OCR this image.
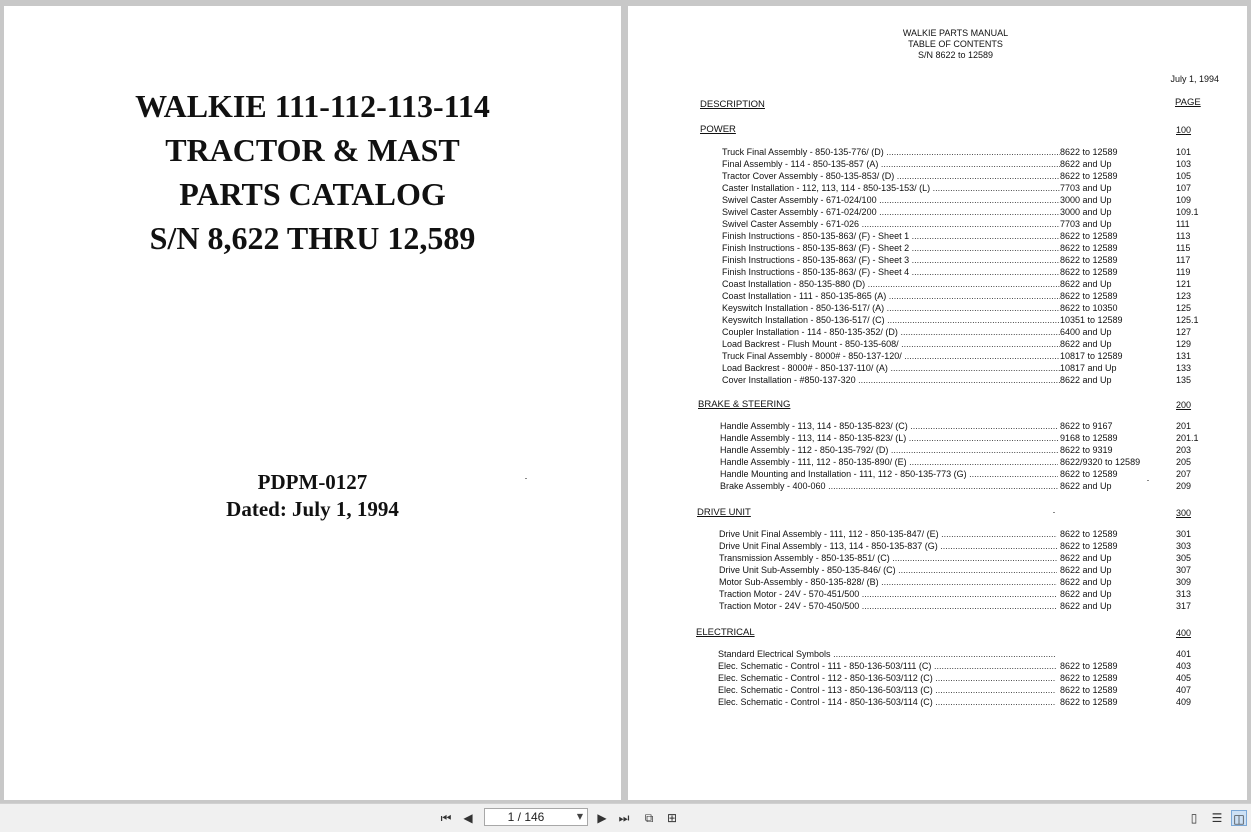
WALKIE 111-112-113-114
TRACTOR & MAST
PARTS CATALOG
S/N 8,622 THRU 12,589
PDPM-0127
Dated: July 1, 1994
WALKIE PARTS MANUAL
TABLE OF CONTENTS
S/N 8622 to 12589
July 1, 1994
DESCRIPTION	PAGE
POWER	100
Truck Final Assembly - 850-135-776/ (D) .....	8622 to 12589	101
Final Assembly - 114 - 850-135-857 (A) .....	8622 and Up	103
Tractor Cover Assembly - 850-135-853/ (D) .....	8622 to 12589	105
Caster Installation - 112, 113, 114 - 850-135-153/ (L) .....	7703 and Up	107
Swivel Caster Assembly - 671-024/100 .....	3000 and Up	109
Swivel Caster Assembly - 671-024/200 .....	3000 and Up	109.1
Swivel Caster Assembly - 671-026 .....	7703 and Up	111
Finish Instructions - 850-135-863/ (F) - Sheet 1 .....	8622 to 12589	113
Finish Instructions - 850-135-863/ (F) - Sheet 2 .....	8622 to 12589	115
Finish Instructions - 850-135-863/ (F) - Sheet 3 .....	8622 to 12589	117
Finish Instructions - 850-135-863/ (F) - Sheet 4 .....	8622 to 12589	119
Coast Installation - 850-135-880 (D) .....	8622 and Up	121
Coast Installation - 111 - 850-135-865 (A) .....	8622 to 12589	123
Keyswitch Installation - 850-136-517/ (A) .....	8622 to 10350	125
Keyswitch Installation - 850-136-517/ (C) .....	10351 to 12589	125.1
Coupler Installation - 114 - 850-135-352/ (D) .....	6400 and Up	127
Load Backrest - Flush Mount - 850-135-608/ .....	8622 and Up	129
Truck Final Assembly - 8000# - 850-137-120/ .....	10817 to 12589	131
Load Backrest - 8000# - 850-137-110/ (A) .....	10817 and Up	133
Cover Installation - #850-137-320 .....	8622 and Up	135
BRAKE & STEERING	200
Handle Assembly - 113, 114 - 850-135-823/ (C) .....	8622 to 9167	201
Handle Assembly - 113, 114 - 850-135-823/ (L) .....	9168 to 12589	201.1
Handle Assembly - 112 - 850-135-792/ (D) .....	8622 to 9319	203
Handle Assembly - 111, 112 - 850-135-890/ (E) .....	8622/9320 to 12589	205
Handle Mounting and Installation - 111, 112 - 850-135-773 (G) .....	8622 to 12589	207
Brake Assembly - 400-060 .....	8622 and Up	209
DRIVE UNIT	300
Drive Unit Final Assembly - 111, 112 - 850-135-847/ (E) .....	8622 to 12589	301
Drive Unit Final Assembly - 113, 114 - 850-135-837 (G) .....	8622 to 12589	303
Transmission Assembly - 850-135-851/ (C) .....	8622 and Up	305
Drive Unit Sub-Assembly - 850-135-846/ (C) .....	8622 and Up	307
Motor Sub-Assembly - 850-135-828/ (B) .....	8622 and Up	309
Traction Motor - 24V - 570-451/500 .....	8622 and Up	313
Traction Motor - 24V - 570-450/500 .....	8622 and Up	317
ELECTRICAL	400
Standard Electrical Symbols .....	401
Elec. Schematic - Control - 111 - 850-136-503/111 (C) .....	8622 to 12589	403
Elec. Schematic - Control - 112 - 850-136-503/112 (C) .....	8622 to 12589	405
Elec. Schematic - Control - 113 - 850-136-503/113 (C) .....	8622 to 12589	407
Elec. Schematic - Control - 114 - 850-136-503/114 (C) .....	8622 to 12589	409
⏮ ◀	1 / 146	▼ ▶ ⏭	⧉	⊞	▯	☰ ◫
